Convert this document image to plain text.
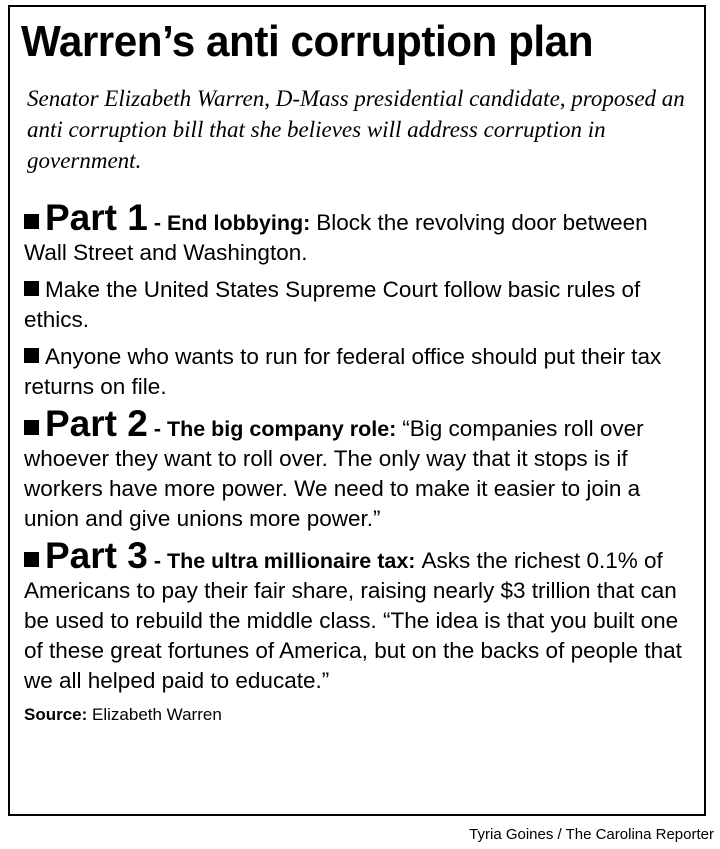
Warren’s anti corruption plan

Senator Elizabeth Warren, D-Mass presidential candidate, proposed an anti corruption bill that she believes will address corruption in government.

Part 1 - End lobbying: Block the revolving door between Wall Street and Washington.

Make the United States Supreme Court follow basic rules of ethics.

Anyone who wants to run for federal office should put their tax returns on file.

Part 2 - The big company role: “Big companies roll over whoever they want to roll over. The only way that it stops is if workers have more power. We need to make it easier to join a union and give unions more power.”

Part 3 - The ultra millionaire tax: Asks the richest 0.1% of Americans to pay their fair share, raising nearly $3 trillion that can be used to rebuild the middle class. “The idea is that you built one of these great fortunes of America, but on the backs of people that we all helped paid to educate.”

Source: Elizabeth Warren

Tyria Goines / The Carolina Reporter
